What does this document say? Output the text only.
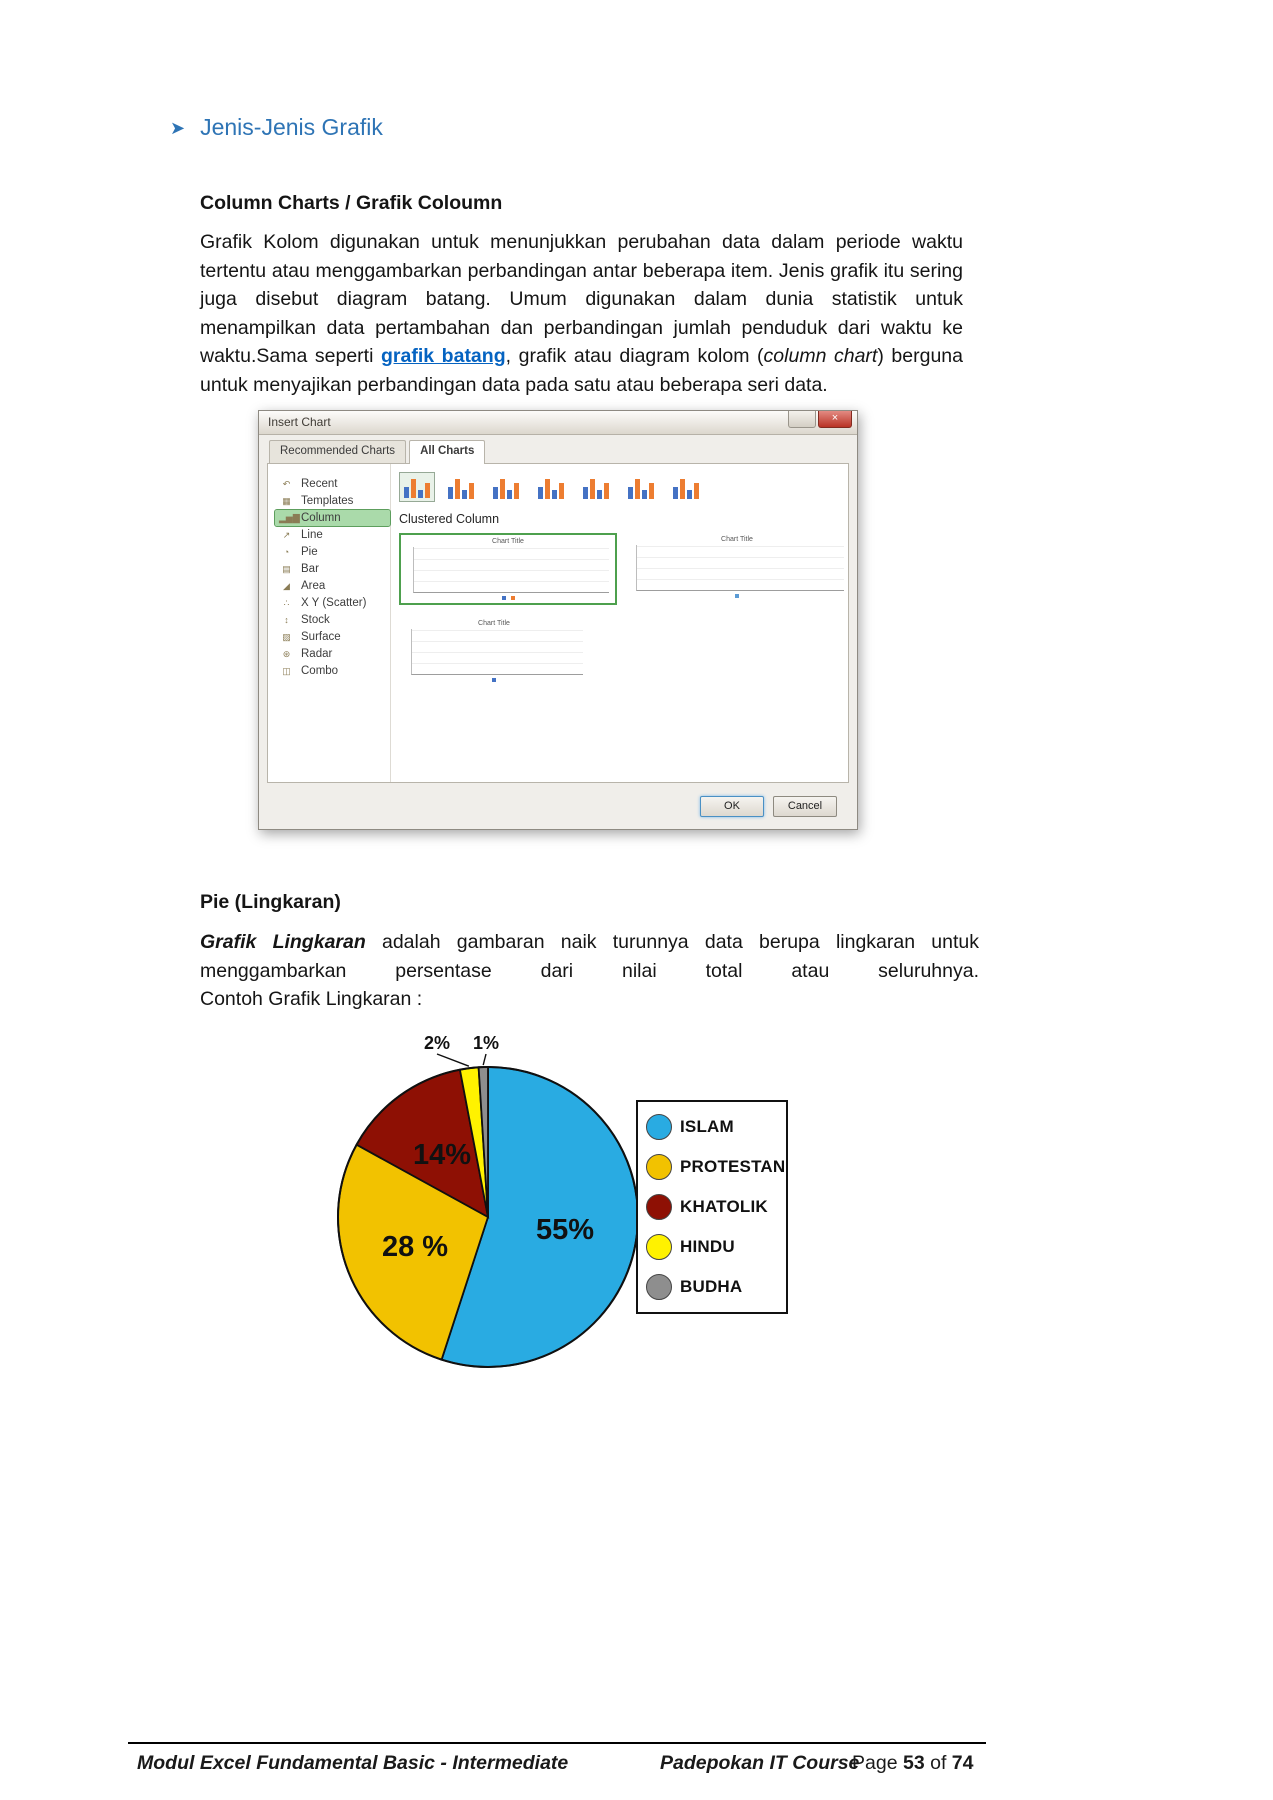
➤ Jenis-Jenis Grafik
Column Charts / Grafik Coloumn
Grafik Kolom digunakan untuk menunjukkan perubahan data dalam periode waktu tertentu atau menggambarkan perbandingan antar beberapa item. Jenis grafik itu sering juga disebut diagram batang. Umum digunakan dalam dunia statistik untuk menampilkan data pertambahan dan perbandingan jumlah penduduk dari waktu ke waktu.Sama seperti grafik batang, grafik atau diagram kolom (column chart) berguna untuk menyajikan perbandingan data pada satu atau beberapa seri data.
Insert Chart	×
Recommended Charts	All Charts
↶ Recent
▦ Templates
▂▅▇ Column
↗ Line
◔	Pie
▤ Bar
◢ Area
∴	X Y (Scatter)
↕	Stock
▨ Surface
⊛ Radar
◫ Combo
Clustered Column
Chart Title	Chart Title
Chart Title
OK	Cancel
Pie (Lingkaran)

Grafik Lingkaran adalah gambaran naik turunnya data berupa lingkaran untuk menggambarkan persentase dari nilai total atau seluruhnya.

Contoh Grafik Lingkaran :

55%
28 %
14%
2% 1%
ISLAM
PROTESTAN
KHATOLIK
HINDU
BUDHA
Modul Excel Fundamental Basic - Intermediate	Padepokan IT Course
Page 53 of 74
